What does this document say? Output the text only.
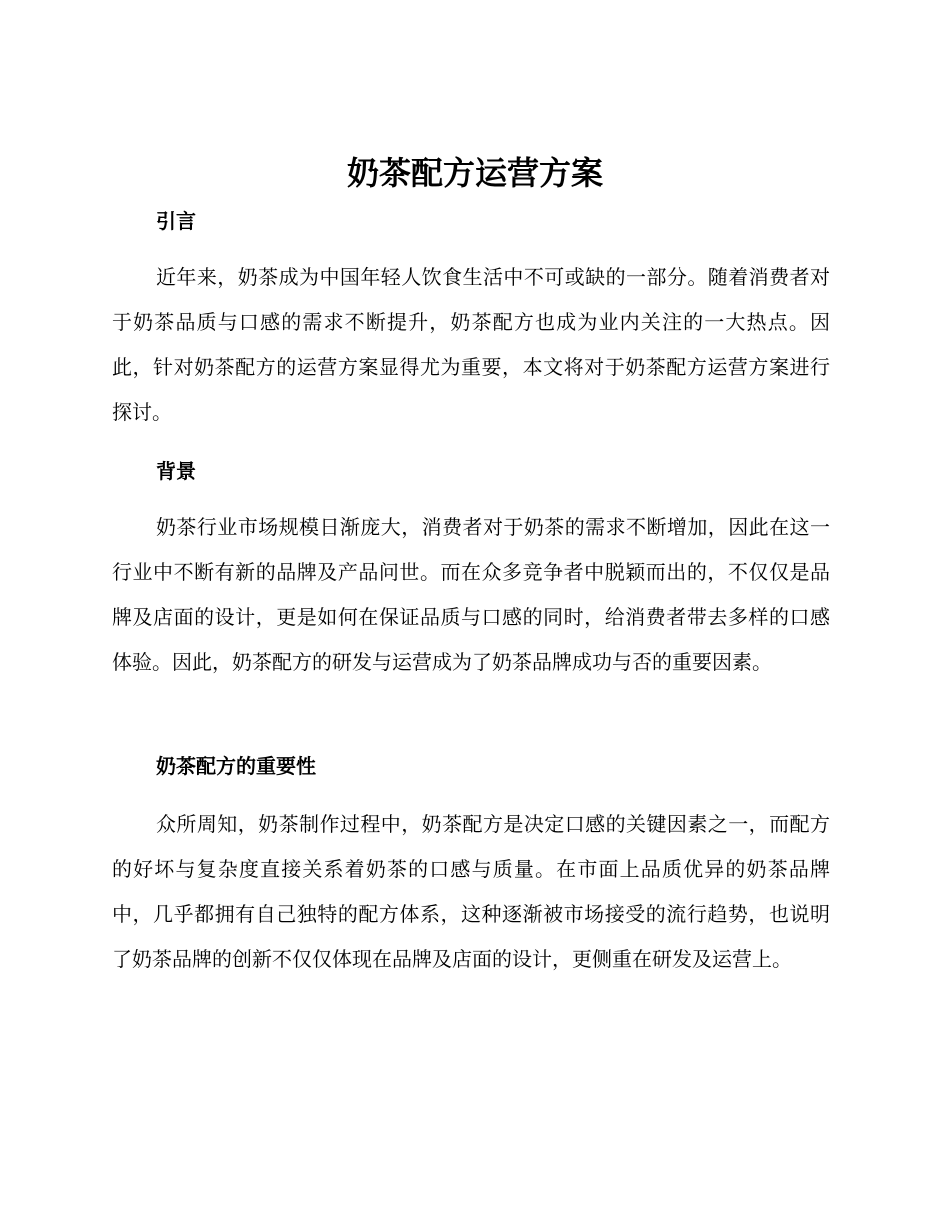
奶茶配方运营方案
引言

近年来，奶茶成为中国年轻人饮食生活中不可或缺的一部分。随着消费者对于奶茶品质与口感的需求不断提升，奶茶配方也成为业内关注的一大热点。因此，针对奶茶配方的运营方案显得尤为重要，本文将对于奶茶配方运营方案进行探讨。

背景

奶茶行业市场规模日渐庞大，消费者对于奶茶的需求不断增加，因此在这一行业中不断有新的品牌及产品问世。而在众多竞争者中脱颖而出的，不仅仅是品牌及店面的设计，更是如何在保证品质与口感的同时，给消费者带去多样的口感体验。因此，奶茶配方的研发与运营成为了奶茶品牌成功与否的重要因素。

奶茶配方的重要性

众所周知，奶茶制作过程中，奶茶配方是决定口感的关键因素之一，而配方的好坏与复杂度直接关系着奶茶的口感与质量。在市面上品质优异的奶茶品牌中，几乎都拥有自己独特的配方体系，这种逐渐被市场接受的流行趋势，也说明了奶茶品牌的创新不仅仅体现在品牌及店面的设计，更侧重在研发及运营上。
